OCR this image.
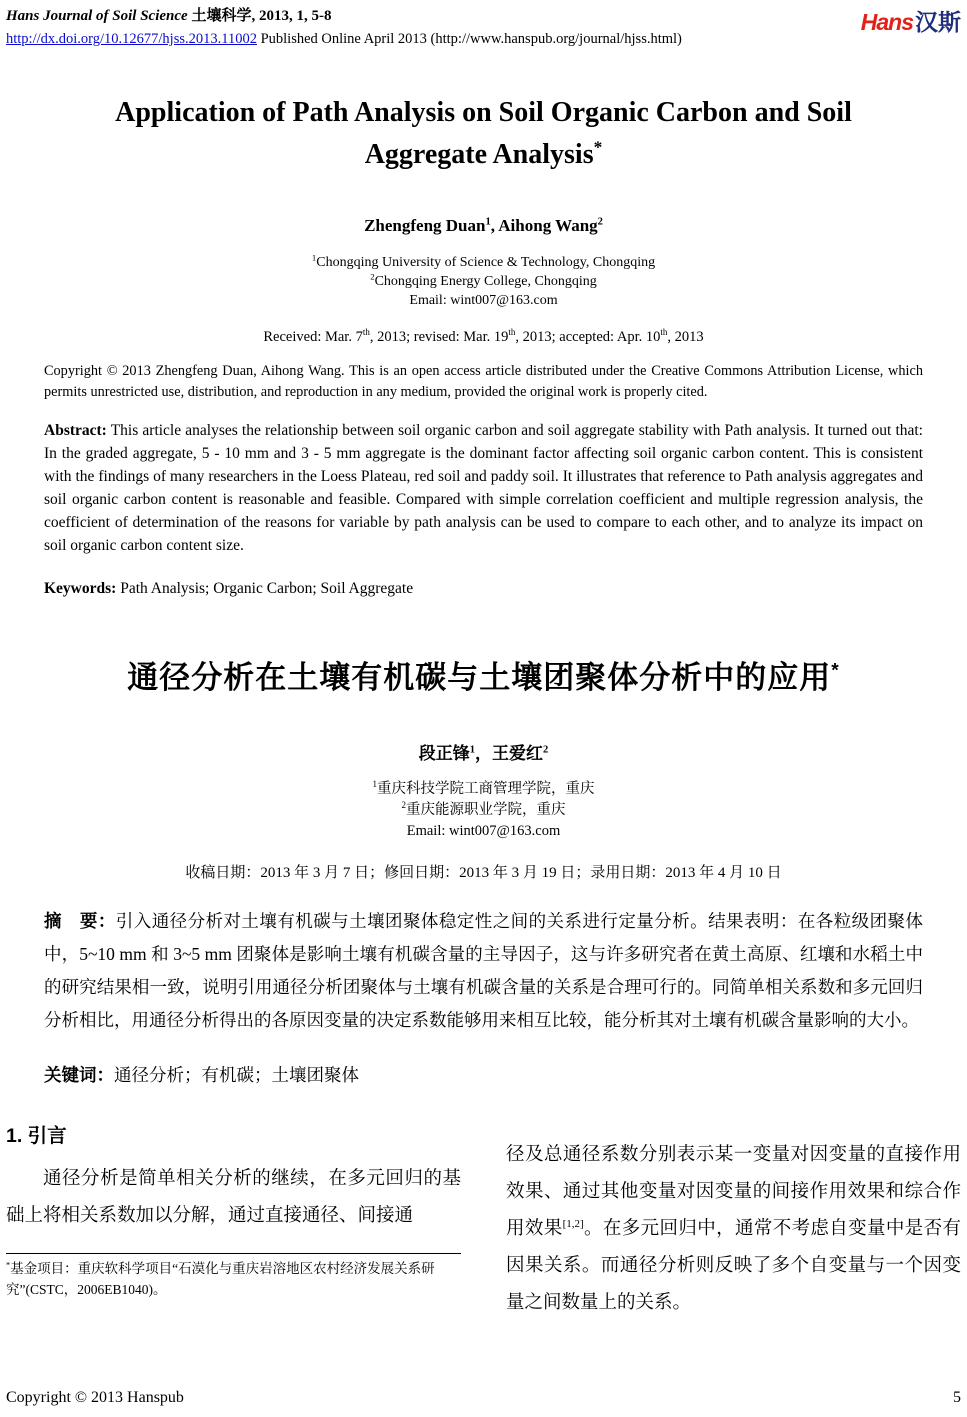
Hans Journal of Soil Science 土壤科学, 2013, 1, 5-8
http://dx.doi.org/10.12677/hjss.2013.11002 Published Online April 2013 (http://www.hanspub.org/journal/hjss.html)
Hans汉斯
Application of Path Analysis on Soil Organic Carbon and Soil Aggregate Analysis*
Zhengfeng Duan$^1$, Aihong Wang$^2$
$^1$Chongqing University of Science & Technology, Chongqing
$^2$Chongqing Energy College, Chongqing
Email: wint007@163.com
Received: Mar. 7th, 2013; revised: Mar. 19th, 2013; accepted: Apr. 10th, 2013

Copyright © 2013 Zhengfeng Duan, Aihong Wang. This is an open access article distributed under the Creative Commons Attribution License, which permits unrestricted use, distribution, and reproduction in any medium, provided the original work is properly cited.

Abstract: This article analyses the relationship between soil organic carbon and soil aggregate stability with Path analysis. It turned out that: In the graded aggregate, 5 - 10 mm and 3 - 5 mm aggregate is the dominant factor affecting soil organic carbon content. This is consistent with the findings of many researchers in the Loess Plateau, red soil and paddy soil. It illustrates that reference to Path analysis aggregates and soil organic carbon content is reasonable and feasible. Compared with simple correlation coefficient and multiple regression analysis, the coefficient of determination of the reasons for variable by path analysis can be used to compare to each other, and to analyze its impact on soil organic carbon content size.

Keywords: Path Analysis; Organic Carbon; Soil Aggregate

通径分析在土壤有机碳与土壤团聚体分析中的应用*
段正锋$^1$，王爱红$^2$
$^1$重庆科技学院工商管理学院，重庆
$^2$重庆能源职业学院，重庆
Email: wint007@163.com
收稿日期：2013 年 3 月 7 日；修回日期：2013 年 3 月 19 日；录用日期：2013 年 4 月 10 日

摘　要：引入通径分析对土壤有机碳与土壤团聚体稳定性之间的关系进行定量分析。结果表明：在各粒级团聚体中，5~10 mm 和 3~5 mm 团聚体是影响土壤有机碳含量的主导因子，这与许多研究者在黄土高原、红壤和水稻土中的研究结果相一致，说明引用通径分析团聚体与土壤有机碳含量的关系是合理可行的。同简单相关系数和多元回归分析相比，用通径分析得出的各原因变量的决定系数能够用来相互比较，能分析其对土壤有机碳含量影响的大小。

关键词：通径分析；有机碳；土壤团聚体

1. 引言

通径分析是简单相关分析的继续，在多元回归的基础上将相关系数加以分解，通过直接通径、间接通

*基金项目：重庆软科学项目“石漠化与重庆岩溶地区农村经济发展关系研究”(CSTC，2006EB1040)。

径及总通径系数分别表示某一变量对因变量的直接作用效果、通过其他变量对因变量的间接作用效果和综合作用效果[1,2]。在多元回归中，通常不考虑自变量中是否有因果关系。而通径分析则反映了多个自变量与一个因变量之间数量上的关系。

Copyright © 2013 Hanspub	5
